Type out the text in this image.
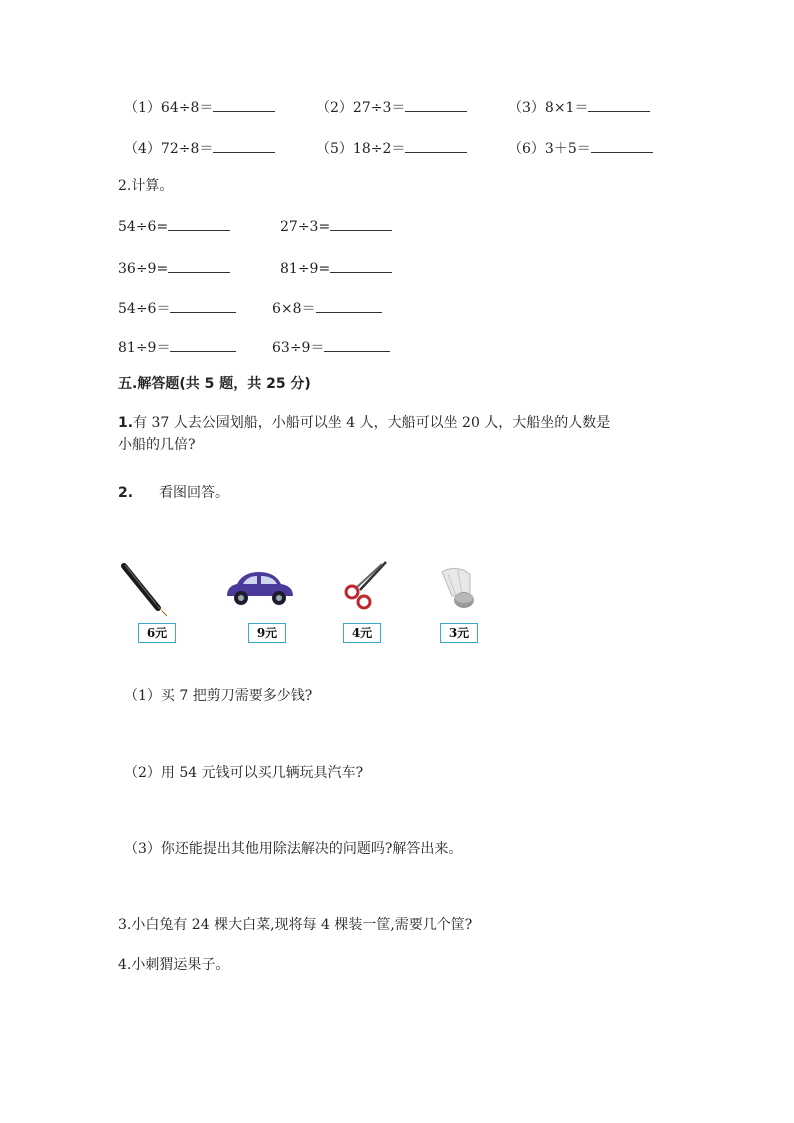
（1）64÷8＝	（2）27÷3＝	（3）8×1＝
（4）72÷8＝	（5）18÷2＝	（6）3＋5＝
2.计算。
54÷6=	27÷3=
36÷9=	81÷9=
54÷6＝	6×8＝
81÷9＝	63÷9＝
五.解答题(共 5 题，共 25 分)
1.有 37 人去公园划船，小船可以坐 4 人，大船可以坐 20 人，大船坐的人数是
小船的几倍?
2. 看图回答。
6元	9元	4元	3元
（1）买 7 把剪刀需要多少钱?
（2）用 54 元钱可以买几辆玩具汽车?
（3）你还能提出其他用除法解决的问题吗?解答出来。
3.小白兔有 24 棵大白菜,现将每 4 棵装一筐,需要几个筐?
4.小刺猬运果子。
